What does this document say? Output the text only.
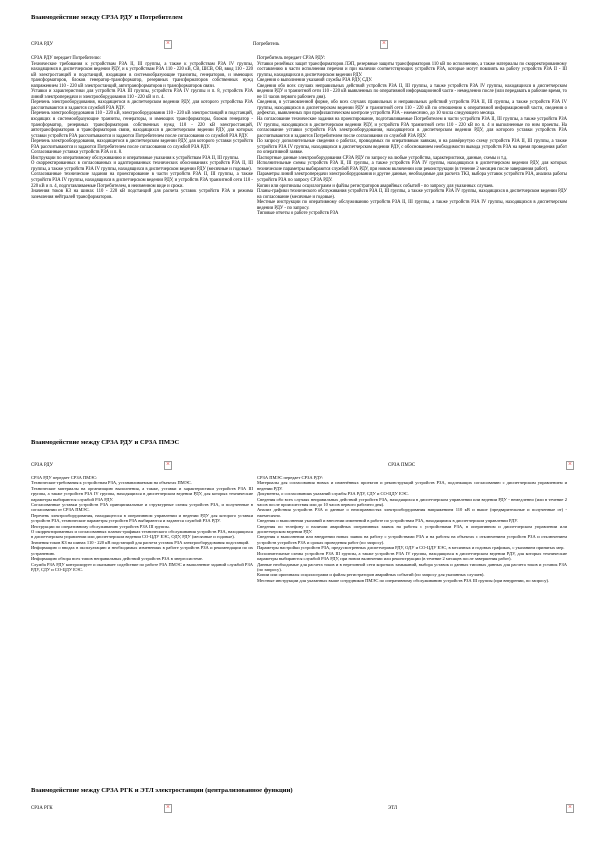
Взаимодействие между СРЗА РДУ и Потребителем
СРЗА РДУ ×	Потребитель
×

СРЗА РДУ передает Потребителю:

Технические требования к устройствам РЗА II, III группы, а также к устройствам РЗА IV группы, находящимся в диспетчерском ведении РДУ, и к устройствам РЗА 110 - 220 кВ, СВ, ШСВ, ОВ, ввод 110 - 220 кВ электростанций и подстанций, входящим в системообразующие транзиты, генераторов, и имеющих трансформаторов, блоков генератор-трансформатор, резервных трансформаторов собственных нужд напряжением 110 - 220 кВ электростанций, автотрансформаторов и трансформаторов связи.

Уставки и характеристики для устройств РЗА III группы, устройств РЗА IV группы и п. 8, устройств РЗА линий электропередачи и электрооборудования 110 - 220 кВ и п. 4.

Перечень электрооборудования, находящегося в диспетчерском ведении РДУ, для которого устройства РЗА рассчитываются и задаются службой РЗА РДУ.

Перечень электрооборудования 110 - 220 кВ, электрооборудования 110 - 220 кВ электростанций и подстанций, входящих в системообразующие транзиты, генераторы, и имеющих трансформаторы, блоков генератор - трансформатор, резервных трансформаторов собственных нужд 110 - 220 кВ электростанций, автотрансформаторов и трансформаторов связи, находящихся в диспетчерском ведении РДУ, для которых уставки устройств РЗА рассчитываются и задаются Потребителем после согласования со службой РЗА РДУ.

Перечень электрооборудования, находящегося в диспетчерском ведении РДУ, для которого уставки устройств РЗА рассчитываются и задаются Потребителем после согласования со службой РЗА РДУ.

Согласованные уставки устройств РЗА и п. 8.

Инструкции по оперативному обслуживанию и оперативные указания к устройствам РЗА II, III группы.

О скорректированных в согласованных и адаптированных технических обоснованиях устройств РЗА II, III группы, а также устройств РЗА IV группы, находящихся в диспетчерском ведении РДУ (месячные и годовые).

Согласованные технические задания на проектирование в части устройств РЗА II, III группы, а также устройств РЗА IV группы, находящихся в диспетчерском ведении РДУ, и устройств РЗА транзитной сети 110 - 220 кВ и п. 4, подготавливаемые Потребителем, в неизменном виде и сроки.

Значения токов КЗ на шинах 110 - 220 кВ подстанций для расчета уставок устройств РЗА и режима заземления нейтралей трансформаторов.

Потребитель передает СРЗА РДУ:

Уставки релейных защит трансформаторов ЛЭП, резервные защиты трансформаторов 110 кВ по исполнению, а также материалы по скорректированному составлению в части исполнения перечня и при наличии соответствующих устройств РЗА, которые могут повлиять на работу устройств РЗА II - III группы, находящихся в диспетчерском ведении РДУ.

Сведения о выполнении указаний службы РЗА РДУ, СДУ.

Сведения обо всех случаях неправильных действий устройств РЗА II, III группы, а также устройств РЗА IV группы, находящихся в диспетчерском ведении РДУ и транзитной сети 110 - 220 кВ выявленных по оперативной информационной части - немедленно после (или передавать в рабочие время, то не 11 часов первого рабочего дня).

Сведения, в установленной форме, обо всех случаях правильных и неправильных действий устройств РЗА II, III группы, а также устройств РЗА IV группы, находящихся в диспетчерском ведении РДУ и транзитной сети 110 - 220 кВ по отношению к оперативной информационной части, сведения о дефектах, выявленных при профилактическом контроле устройств РЗА - ежемесячно, до 10 числа следующего месяца.

На согласование технические задания на проектирование, подготавливаемые Потребителем в части устройств РЗА II, III группы, а также устройств РЗА IV группы, находящихся в диспетчерском ведении РДУ, и устройств РЗА транзитной сети 110 - 220 кВ по п. 4 и выполненные по ним проекты. На согласование уставки устройств РЗА электрооборудования, находящегося в диспетчерском ведении РДУ, для которого уставки устройств РЗА рассчитываются и задаются Потребителем после согласования со службой РЗА РДУ.

По запросу дополнительные сведения о работах, проводимых по оперативным заявкам, и на развёрнутую схему устройств РЗА II, III группы, а также устройств РЗА IV группы, находящихся в диспетчерском ведении РДУ, с обоснованием необходимости вывода устройств РЗА на время проведения работ по оперативной заявке.

Паспортные данные электрооборудования СРЗА РДУ по запросу на любые устройства, характеристики, данные, схемы и т.д.

Исполнительные схемы устройств РЗА II, III группы, а также устройств РЗА IV группы, находящихся в диспетчерском ведении РДУ, для которых технические параметры выбираются службой РЗА РДУ, при новом включении или реконструкции (в течение 2 месяцев после завершения работ).

Параметры линий электропередачи электрооборудования и другие данные, необходимые для расчета ТКЗ, выбора уставок устройств РЗА, анализа работы устройств РЗА по запросу СРЗА РДУ.

Копии или оригиналы осциллограмм и файлы регистраторов аварийных событий - по запросу для указанных случаев.

Планы-графики технического обслуживания устройств РЗА II, III группы, а также устройств РЗА IV группы, находящихся в диспетчерском ведении РДУ на согласование (месячные и годовые).

Местные инструкции по оперативному обслуживанию устройств РЗА II, III группы, а также устройств РЗА IV группы, находящихся в диспетчерском ведении РДУ - по запросу.

Типовые отчеты о работе устройств РЗА

Взаимодействие между СРЗА РДУ и СРЗА ПМЭС
СРЗА РДУ ×	СРЗА ПМЭС
×

СРЗА РДУ передает СРЗА ПМЭС:

Технические требования к устройствам РЗА, устанавливаемым на объектах ПМЭС.

Технические материалы на организацию выполнения, а также, уставки и характеристики устройств РЗА III группы, а также устройств РЗА IV группы, находящихся в диспетчерском ведении РДУ, для которых технические параметры выбираются службой РЗА РДУ.

Согласованные уставки устройств РЗА принципиальные и структурные схемы устройств РЗА, и полученные в согласовании от СРЗА ПМЭС.

Перечень электрооборудования, находящегося в оперативном управлении и ведении РДУ для которого уставки устройств РЗА, технические параметры устройств РЗА выбираются и задаются службой РЗА РДУ.

Инструкции по оперативному обслуживанию устройств РЗА III группы.

О скорректированных и согласованных планах-графиках технического обслуживания устройств РЗА, находящихся в диспетчерском управлении или диспетчерском ведении СО-ЦДУ ЕЭС, ОДУ, РДУ (месячные и годовые).

Значения токов КЗ на шинах 110 - 220 кВ подстанций для расчета уставок РЗА электрооборудования подстанций.

Информацию о вводах в эксплуатацию и необходимых изменениях в работе устройств РЗА и рекомендации по их устранению.

Информацию обзора всех типов неправильных действий устройств РЗА в энергосистеме.

Служба РЗА РДУ контролирует и оказывает содействие по работе РЗА ПМЭС и выполнение заданий службой РЗА РДУ, СДУ и СО-ЦДУ ЕЭС.

СРЗА ПМЭС передает СРЗА РДУ:

Материалы для согласования новых и изменённых проектов и реконструкций устройств РЗА, подлежащих согласованию с диспетчерским управлением и ведении РДУ.

Документы, о согласованиях указаний службы РЗА РДУ, СДУ и СО-ЦДУ ЕЭС.

Сведения обо всех случаях неправильных действий устройств РЗА, находящихся в диспетчерском управлении или ведении РДУ - немедленно (или в течение 2 часов после происшествия или до 10 часов первого рабочего дня).

Анализ действия устройств РЗА и данные о неисправностях электрооборудования напряжением 110 кВ и выше (предварительные и полученные от) - ежемесячно.

Сведения о выполнении указаний и внесении изменений в работе по устройствам РЗА, находящимся в диспетчерском управлении РДУ.

Сведения по телефону о наличии аварийных оперативных заявок на работы с устройствами РЗА, в оперативном и диспетчерском управлении или диспетчерском ведении РДУ.

Сведения о выполнении или внедрении новых заявок на работу с устройствами РЗА и на работы на объектах с отключением устройств РЗА и отключением устройств устройств РЗА и сроках проведения работ (по запросу).

Параметры настройки устройств РЗА, предусмотренных диспетчерами РДУ, ОДУ и СО-ЦДУ ЕЭС, в месячных и годовых графиках, с указанием принятых мер.

Исполнительные схемы устройств РЗА III группы, а также устройств РЗА IV группы, находящихся в диспетчерском ведении РДУ, для которых технические параметры выбираются службой РЗА РДУ, при новом включении или реконструкции (в течение 2 месяцев после завершения работ).

Данные необходимые для расчета токов и в нерезонной сети коротких замыканий, выбора уставок и данных типовых данных для расчета токов и уставок РЗА (по запросу).

Копии или оригиналы осциллограмм и файлы регистраторов аварийных событий (по запросу для указанных случаев).

Местные инструкции для указанных выше сотрудников ПМЭС по оперативному обслуживанию устройств РЗА III группы (при внедрении, по запросу).

Взаимодействие между СРЗА РГК и ЭТЛ электростанции (централизованное функции)
СРЗА РГК ×	ЭТЛ
×
